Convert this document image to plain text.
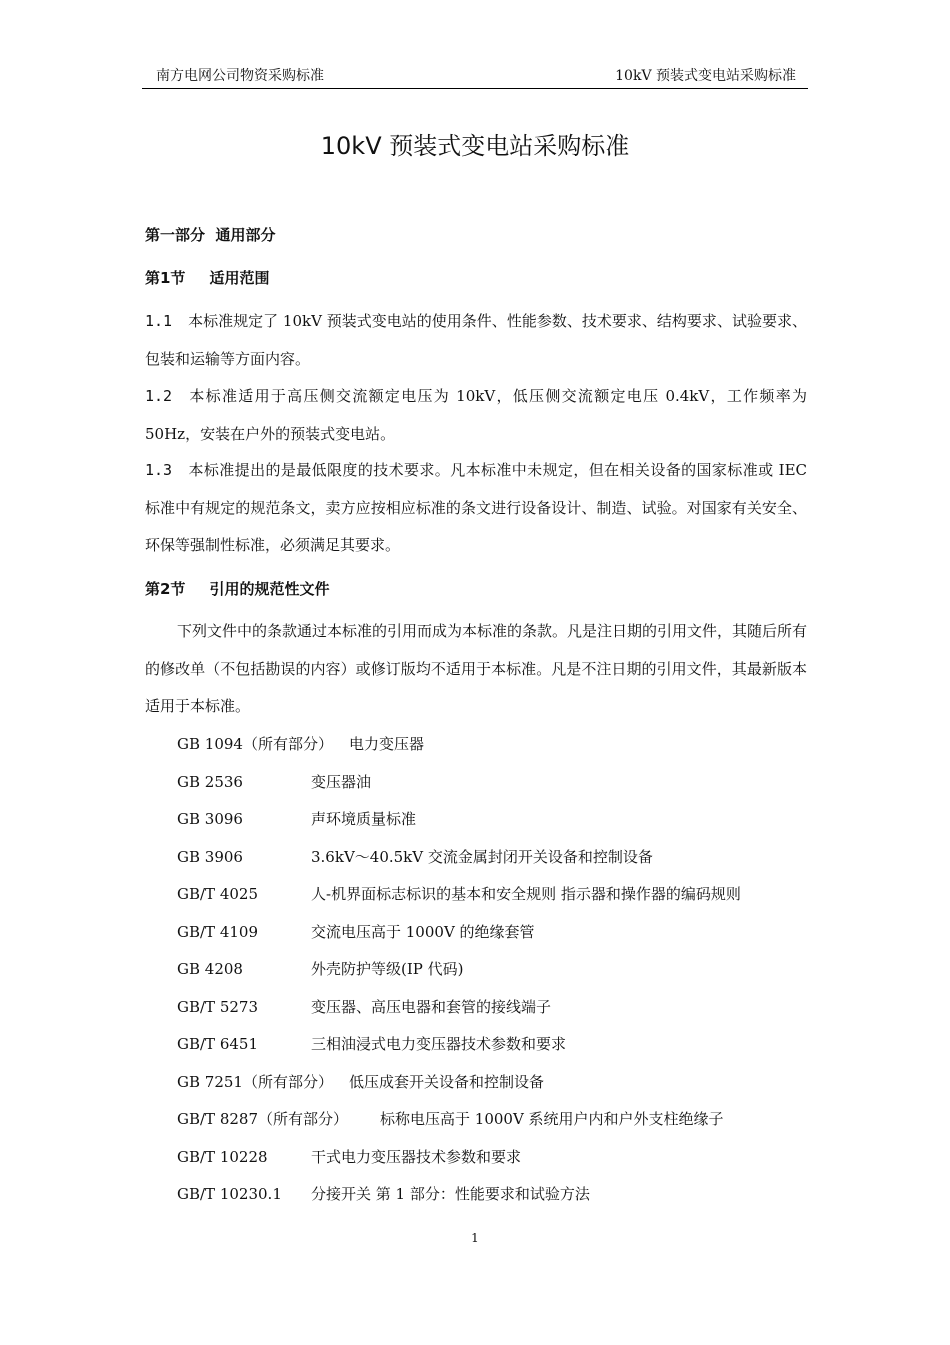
南方电网公司物资采购标准	10kV 预装式变电站采购标准
10kV 预装式变电站采购标准
第一部分  通用部分
第1节 适用范围
1.1 本标准规定了 10kV 预装式变电站的使用条件、性能参数、技术要求、结构要求、试验要求、包装和运输等方面内容。
1.2 本标准适用于高压侧交流额定电压为 10kV，低压侧交流额定电压 0.4kV，工作频率为 50Hz，安装在户外的预装式变电站。
1.3 本标准提出的是最低限度的技术要求。凡本标准中未规定，但在相关设备的国家标准或 IEC 标准中有规定的规范条文，卖方应按相应标准的条文进行设备设计、制造、试验。对国家有关安全、环保等强制性标准，必须满足其要求。
第2节 引用的规范性文件
下列文件中的条款通过本标准的引用而成为本标准的条款。凡是注日期的引用文件，其随后所有的修改单（不包括勘误的内容）或修订版均不适用于本标准。凡是不注日期的引用文件，其最新版本适用于本标准。
GB 1094（所有部分） 电力变压器
GB 2536	变压器油
GB 3096	声环境质量标准
GB 3906	3.6kV～40.5kV 交流金属封闭开关设备和控制设备
GB/T 4025	人-机界面标志标识的基本和安全规则 指示器和操作器的编码规则
GB/T 4109	交流电压高于 1000V 的绝缘套管
GB 4208	外壳防护等级(IP 代码)
GB/T 5273	变压器、高压电器和套管的接线端子
GB/T 6451	三相油浸式电力变压器技术参数和要求
GB 7251（所有部分） 低压成套开关设备和控制设备
GB/T 8287（所有部分） 标称电压高于 1000V 系统用户内和户外支柱绝缘子
GB/T 10228	干式电力变压器技术参数和要求
GB/T 10230.1 分接开关 第 1 部分：性能要求和试验方法
1
